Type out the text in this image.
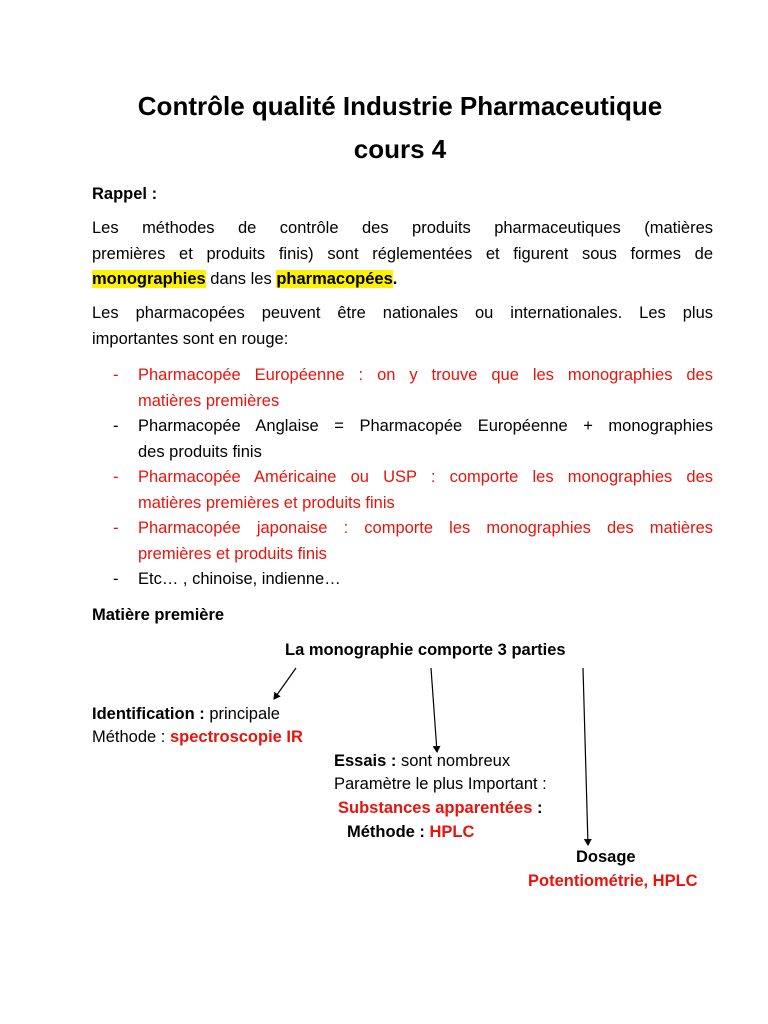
Contrôle qualité Industrie Pharmaceutique
cours 4
Rappel :
Les méthodes de contrôle des produits pharmaceutiques (matières
premières et produits finis) sont réglementées et figurent sous formes de
monographies dans les pharmacopées.
Les pharmacopées peuvent être nationales ou internationales. Les plus
importantes sont en rouge:
- Pharmacopée Européenne : on y trouve que les monographies des
matières premières
- Pharmacopée Anglaise = Pharmacopée Européenne + monographies
des produits finis
- Pharmacopée Américaine ou USP : comporte les monographies des
matières premières et produits finis
- Pharmacopée japonaise : comporte les monographies des matières
premières et produits finis
- Etc… , chinoise, indienne…
Matière première
La monographie comporte 3 parties
Identification : principale
Méthode : spectroscopie IR
Essais : sont nombreux
Paramètre le plus Important :
Substances apparentées :
Méthode : HPLC
Dosage
Potentiométrie, HPLC
